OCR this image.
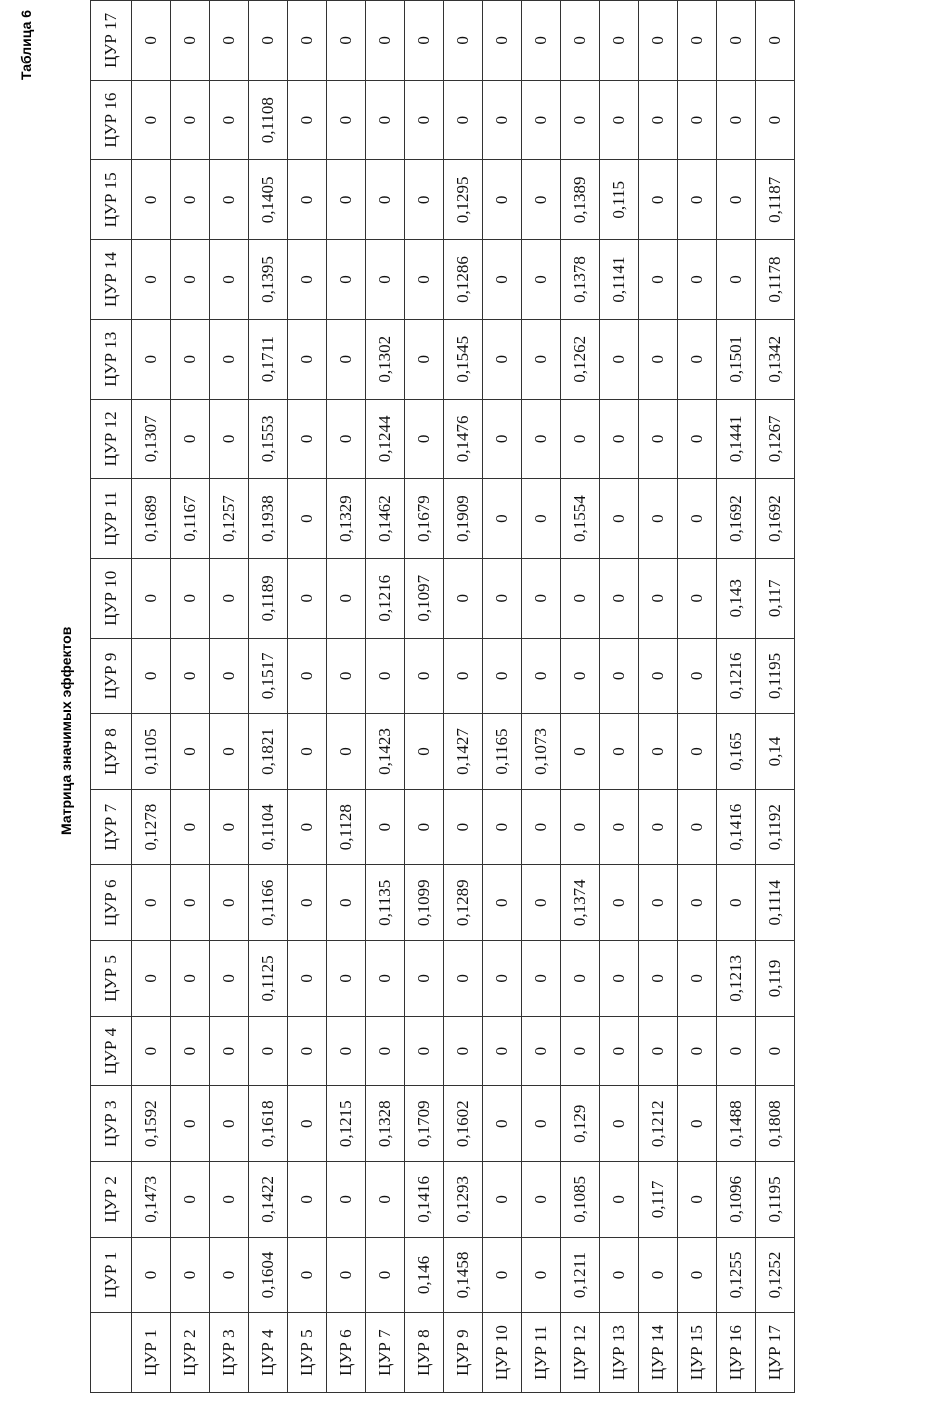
Таблица 6
Матрица значимых эффектов
	ЦУР 1	ЦУР 2	ЦУР 3	ЦУР 4	ЦУР 5	ЦУР 6	ЦУР 7	ЦУР 8	ЦУР 9	ЦУР 10	ЦУР 11	ЦУР 12	ЦУР 13	ЦУР 14	ЦУР 15	ЦУР 16	ЦУР 17
ЦУР 1	0	0,1473	0,1592	0	0	0	0,1278	0,1105	0	0	0,1689	0,1307	0	0	0	0	0
ЦУР 2	0	0	0	0	0	0	0	0	0	0	0,1167	0	0	0	0	0	0
ЦУР 3	0	0	0	0	0	0	0	0	0	0	0,1257	0	0	0	0	0	0
ЦУР 4	0,1604	0,1422	0,1618	0	0,1125	0,1166	0,1104	0,1821	0,1517	0,1189	0,1938	0,1553	0,1711	0,1395	0,1405	0,1108	0
ЦУР 5	0	0	0	0	0	0	0	0	0	0	0	0	0	0	0	0	0
ЦУР 6	0	0	0,1215	0	0	0	0,1128	0	0	0	0,1329	0	0	0	0	0	0
ЦУР 7	0	0	0,1328	0	0	0,1135	0	0,1423	0	0,1216	0,1462	0,1244	0,1302	0	0	0	0
ЦУР 8	0,146	0,1416	0,1709	0	0	0,1099	0	0	0	0,1097	0,1679	0	0	0	0	0	0
ЦУР 9	0,1458	0,1293	0,1602	0	0	0,1289	0	0,1427	0	0	0,1909	0,1476	0,1545	0,1286	0,1295	0	0
ЦУР 10	0	0	0	0	0	0	0	0,1165	0	0	0	0	0	0	0	0	0
ЦУР 11	0	0	0	0	0	0	0	0,1073	0	0	0	0	0	0	0	0	0
ЦУР 12	0,1211	0,1085	0,129	0	0	0,1374	0	0	0	0	0,1554	0	0,1262	0,1378	0,1389	0	0
ЦУР 13	0	0	0	0	0	0	0	0	0	0	0	0	0	0,1141	0,115	0	0
ЦУР 14	0	0,117	0,1212	0	0	0	0	0	0	0	0	0	0	0	0	0	0
ЦУР 15	0	0	0	0	0	0	0	0	0	0	0	0	0	0	0	0	0
ЦУР 16	0,1255	0,1096	0,1488	0	0,1213	0	0,1416	0,165	0,1216	0,143	0,1692	0,1441	0,1501	0	0	0	0
ЦУР 17	0,1252	0,1195	0,1808	0	0,119	0,1114	0,1192	0,14	0,1195	0,117	0,1692	0,1267	0,1342	0,1178	0,1187	0	0
